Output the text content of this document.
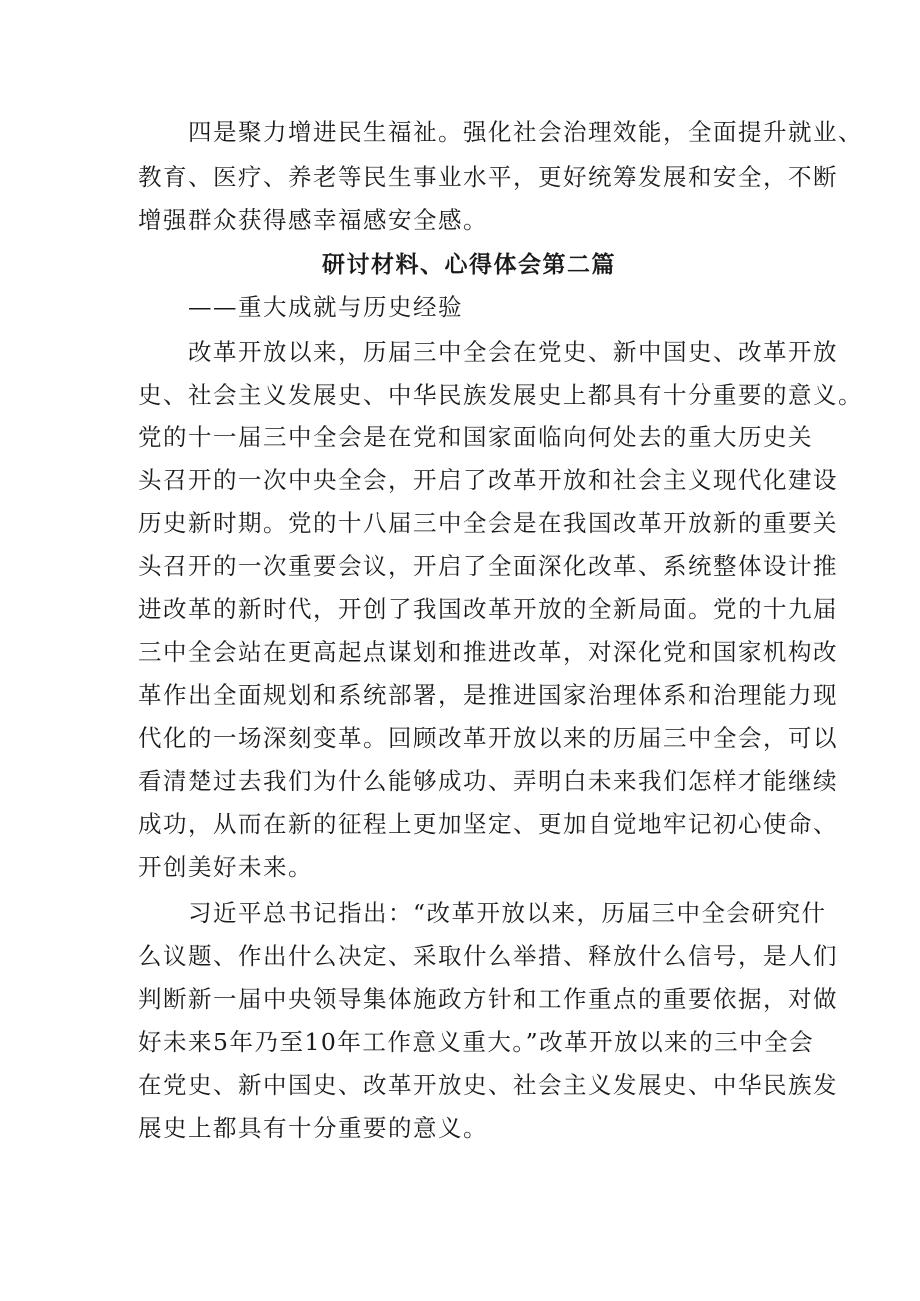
四是聚力增进民生福祉。强化社会治理效能，全面提升就业、
教育、医疗、养老等民生事业水平，更好统筹发展和安全，不断
增强群众获得感幸福感安全感。
研讨材料、心得体会第二篇
——重大成就与历史经验
改革开放以来，历届三中全会在党史、新中国史、改革开放
史、社会主义发展史、中华民族发展史上都具有十分重要的意义。
党的十一届三中全会是在党和国家面临向何处去的重大历史关
头召开的一次中央全会，开启了改革开放和社会主义现代化建设
历史新时期。党的十八届三中全会是在我国改革开放新的重要关
头召开的一次重要会议，开启了全面深化改革、系统整体设计推
进改革的新时代，开创了我国改革开放的全新局面。党的十九届
三中全会站在更高起点谋划和推进改革，对深化党和国家机构改
革作出全面规划和系统部署，是推进国家治理体系和治理能力现
代化的一场深刻变革。回顾改革开放以来的历届三中全会，可以
看清楚过去我们为什么能够成功、弄明白未来我们怎样才能继续
成功，从而在新的征程上更加坚定、更加自觉地牢记初心使命、
开创美好未来。
习近平总书记指出：“改革开放以来，历届三中全会研究什
么议题、作出什么决定、采取什么举措、释放什么信号，是人们
判断新一届中央领导集体施政方针和工作重点的重要依据，对做
好未来5年乃至10年工作意义重大。”改革开放以来的三中全会
在党史、新中国史、改革开放史、社会主义发展史、中华民族发
展史上都具有十分重要的意义。
